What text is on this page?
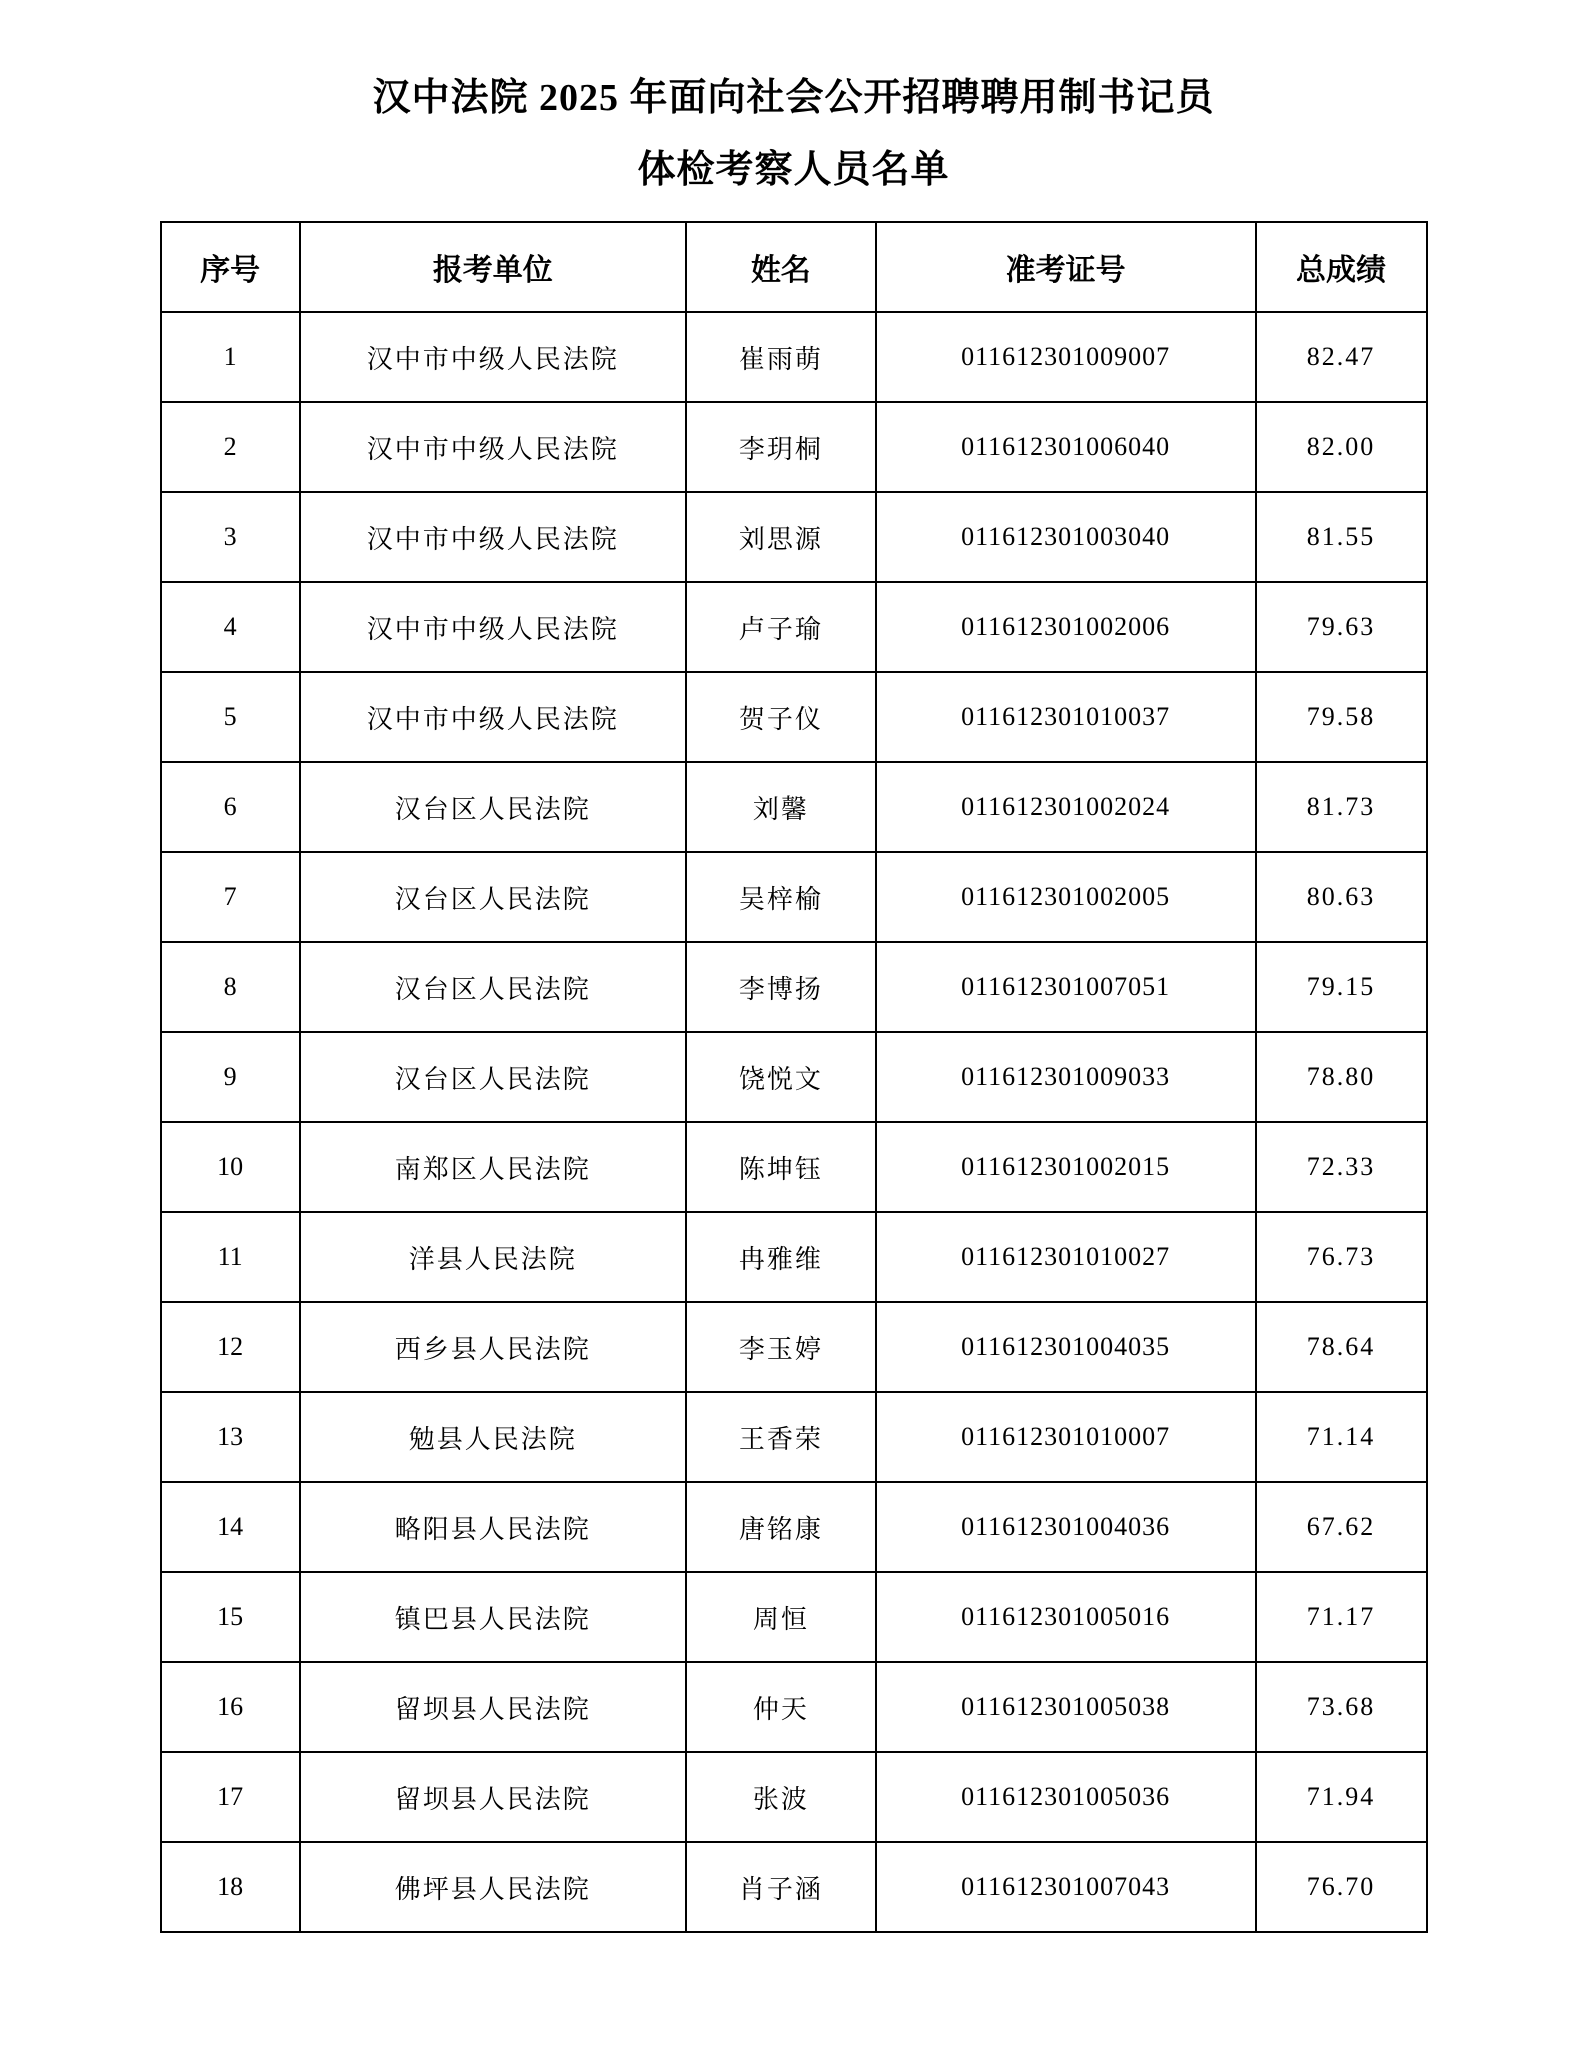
汉中法院 2025 年面向社会公开招聘聘用制书记员
体检考察人员名单
序号	报考单位	姓名	准考证号	总成绩
1	汉中市中级人民法院	崔雨萌	011612301009007	82.47
2	汉中市中级人民法院	李玥桐	011612301006040	82.00
3	汉中市中级人民法院	刘思源	011612301003040	81.55
4	汉中市中级人民法院	卢子瑜	011612301002006	79.63
5	汉中市中级人民法院	贺子仪	011612301010037	79.58
6	汉台区人民法院	刘馨	011612301002024	81.73
7	汉台区人民法院	吴梓榆	011612301002005	80.63
8	汉台区人民法院	李博扬	011612301007051	79.15
9	汉台区人民法院	饶悦文	011612301009033	78.80
10	南郑区人民法院	陈坤钰	011612301002015	72.33
11	洋县人民法院	冉雅维	011612301010027	76.73
12	西乡县人民法院	李玉婷	011612301004035	78.64
13	勉县人民法院	王香荣	011612301010007	71.14
14	略阳县人民法院	唐铭康	011612301004036	67.62
15	镇巴县人民法院	周恒	011612301005016	71.17
16	留坝县人民法院	仲天	011612301005038	73.68
17	留坝县人民法院	张波	011612301005036	71.94
18	佛坪县人民法院	肖子涵	011612301007043	76.70
